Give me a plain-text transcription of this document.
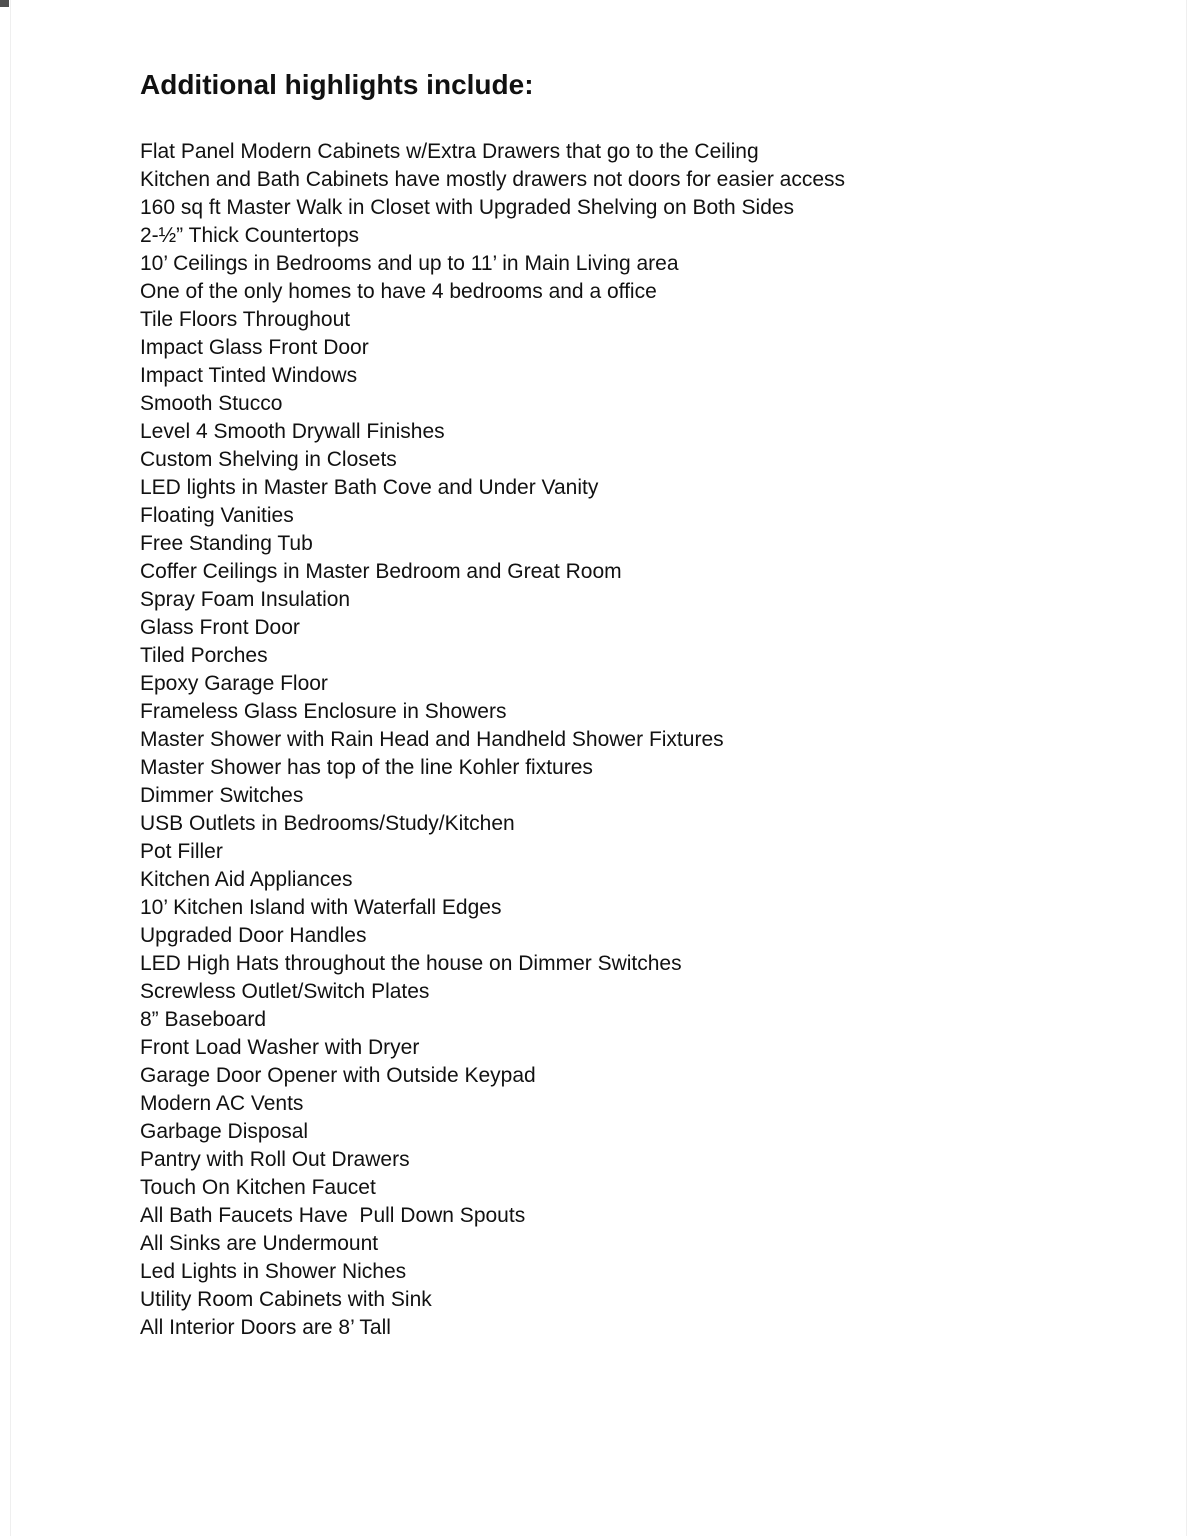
Additional highlights include:
Flat Panel Modern Cabinets w/Extra Drawers that go to the Ceiling
Kitchen and Bath Cabinets have mostly drawers not doors for easier access
160 sq ft Master Walk in Closet with Upgraded Shelving on Both Sides
2-½” Thick Countertops
10’ Ceilings in Bedrooms and up to 11’ in Main Living area
One of the only homes to have 4 bedrooms and a office
Tile Floors Throughout
Impact Glass Front Door
Impact Tinted Windows
Smooth Stucco
Level 4 Smooth Drywall Finishes
Custom Shelving in Closets
LED lights in Master Bath Cove and Under Vanity
Floating Vanities
Free Standing Tub
Coffer Ceilings in Master Bedroom and Great Room
Spray Foam Insulation
Glass Front Door
Tiled Porches
Epoxy Garage Floor
Frameless Glass Enclosure in Showers
Master Shower with Rain Head and Handheld Shower Fixtures
Master Shower has top of the line Kohler fixtures
Dimmer Switches
USB Outlets in Bedrooms/Study/Kitchen
Pot Filler
Kitchen Aid Appliances
10’ Kitchen Island with Waterfall Edges
Upgraded Door Handles
LED High Hats throughout the house on Dimmer Switches
Screwless Outlet/Switch Plates
8” Baseboard
Front Load Washer with Dryer
Garage Door Opener with Outside Keypad
Modern AC Vents
Garbage Disposal
Pantry with Roll Out Drawers
Touch On Kitchen Faucet
All Bath Faucets Have  Pull Down Spouts
All Sinks are Undermount
Led Lights in Shower Niches
Utility Room Cabinets with Sink
All Interior Doors are 8’ Tall
